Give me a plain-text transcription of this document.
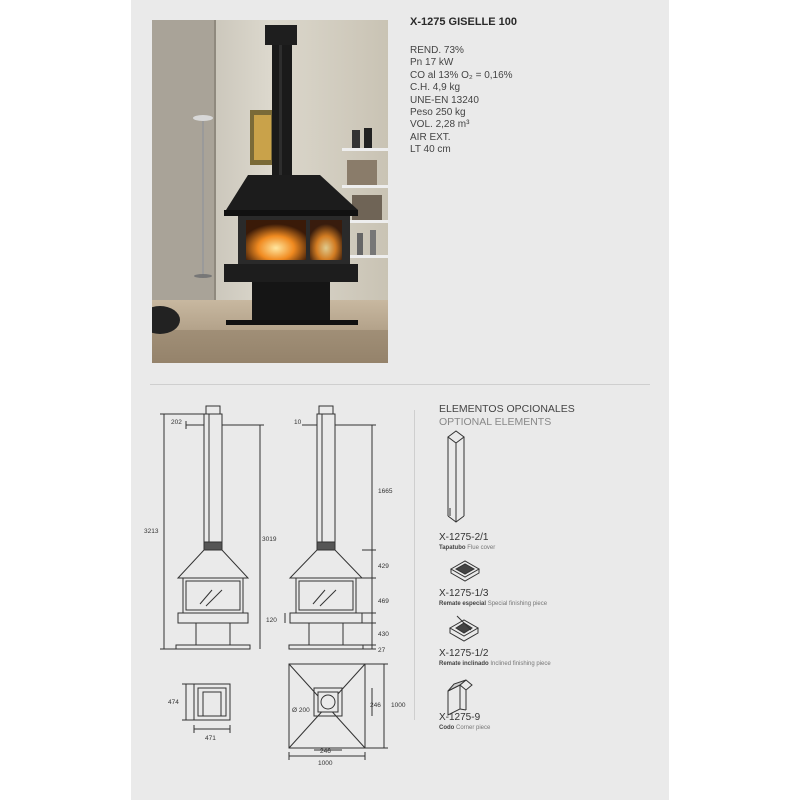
X-1275 GISELLE 100
REND. 73%
Pn 17 kW
CO al 13% O₂ = 0,16%
C.H. 4,9 kg
UNE-EN 13240
Peso 250 kg
VOL. 2,28 m³
AIR EXT.
LT 40 cm
202
3213
3019
10
1665
429
469
120
430
27
474
471
Ø 200
246 1000
246
1000
ELEMENTOS OPCIONALES
OPTIONAL ELEMENTS
X-1275-2/1
Tapatubo Flue cover
X-1275-1/3
Remate especial Special finishing piece
X-1275-1/2
Remate inclinado Inclined finishing piece
X-1275-9
Codo Corner piece
